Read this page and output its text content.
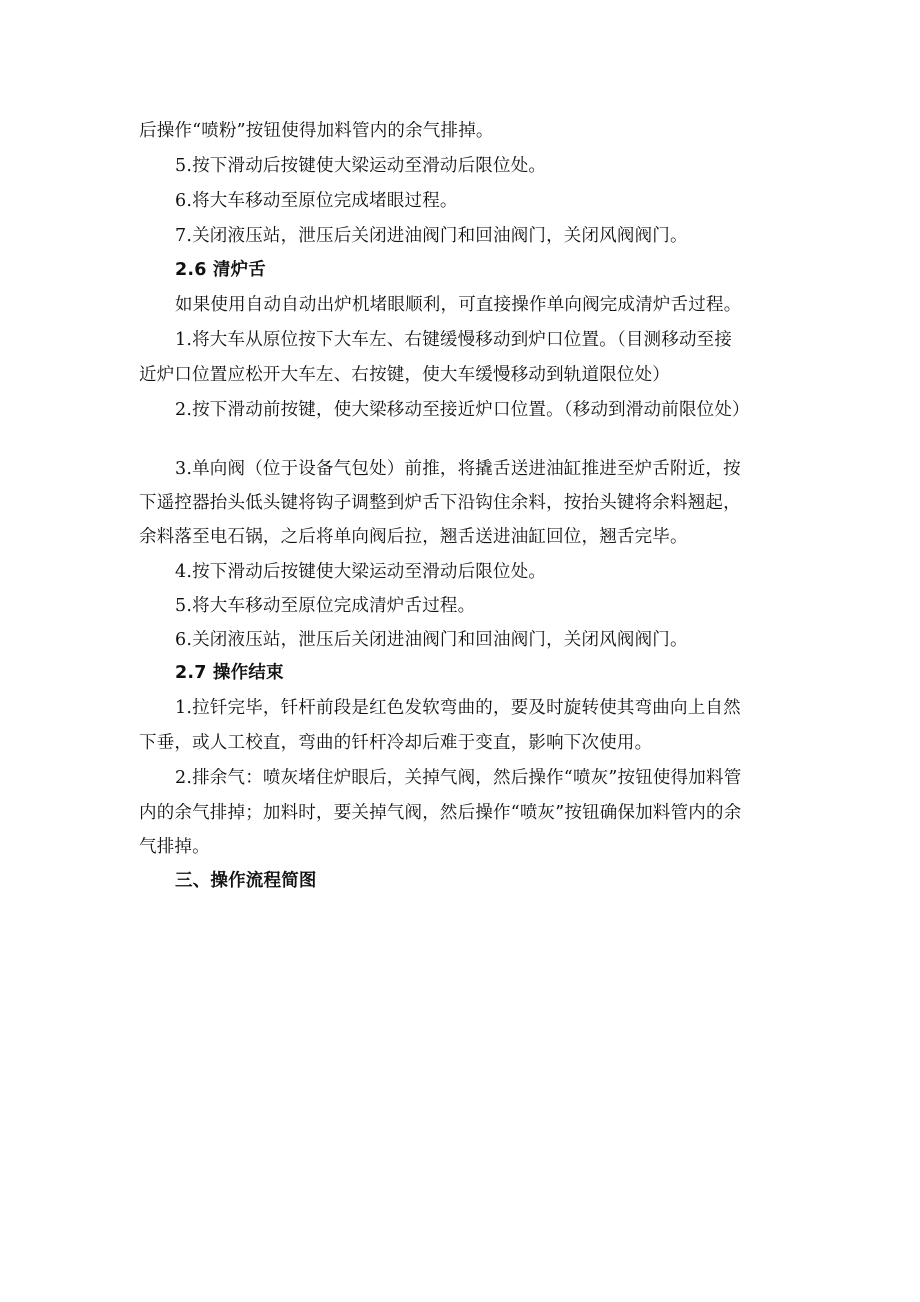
后操作“喷粉”按钮使得加料管内的余气排掉。
5.按下滑动后按键使大梁运动至滑动后限位处。
6.将大车移动至原位完成堵眼过程。
7.关闭液压站，泄压后关闭进油阀门和回油阀门，关闭风阀阀门。
2.6 清炉舌
如果使用自动自动出炉机堵眼顺利，可直接操作单向阀完成清炉舌过程。
1.将大车从原位按下大车左、右键缓慢移动到炉口位置。（目测移动至接
近炉口位置应松开大车左、右按键，使大车缓慢移动到轨道限位处）
2.按下滑动前按键，使大梁移动至接近炉口位置。（移动到滑动前限位处）
3.单向阀（位于设备气包处）前推，将撬舌送进油缸推进至炉舌附近，按
下遥控器抬头低头键将钩子调整到炉舌下沿钩住余料，按抬头键将余料翘起，
余料落至电石锅，之后将单向阀后拉，翘舌送进油缸回位，翘舌完毕。
4.按下滑动后按键使大梁运动至滑动后限位处。
5.将大车移动至原位完成清炉舌过程。
6.关闭液压站，泄压后关闭进油阀门和回油阀门，关闭风阀阀门。
2.7 操作结束
1.拉钎完毕，钎杆前段是红色发软弯曲的，要及时旋转使其弯曲向上自然
下垂，或人工校直，弯曲的钎杆冷却后难于变直，影响下次使用。
2.排余气：喷灰堵住炉眼后，关掉气阀，然后操作“喷灰”按钮使得加料管
内的余气排掉；加料时，要关掉气阀，然后操作“喷灰”按钮确保加料管内的余
气排掉。
三、操作流程简图
